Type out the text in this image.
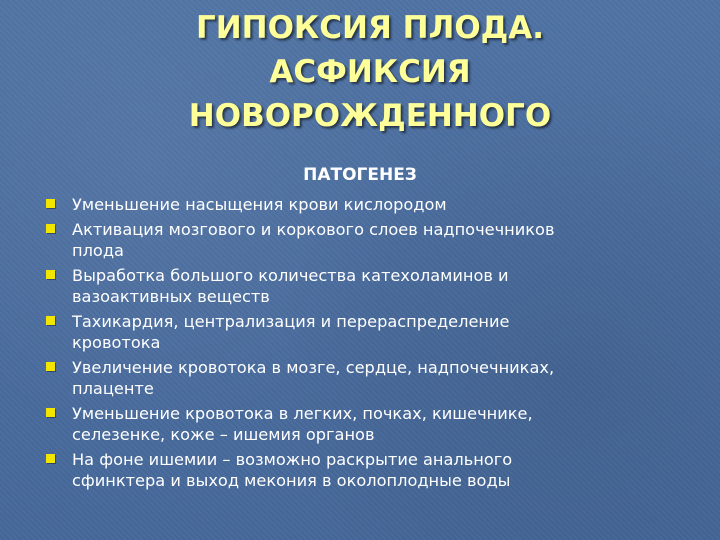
ГИПОКСИЯ ПЛОДА.
АСФИКСИЯ
НОВОРОЖДЕННОГО
ПАТОГЕНЕЗ
Уменьшение насыщения крови кислородом
Активация мозгового и коркового слоев надпочечников
плода
Выработка большого количества катехоламинов и
вазоактивных веществ
Тахикардия, централизация и перераспределение
кровотока
Увеличение кровотока в мозге, сердце, надпочечниках,
плаценте
Уменьшение кровотока в легких, почках, кишечнике,
селезенке, коже – ишемия органов
На фоне ишемии – возможно раскрытие анального
сфинктера и выход мекония в околоплодные воды
